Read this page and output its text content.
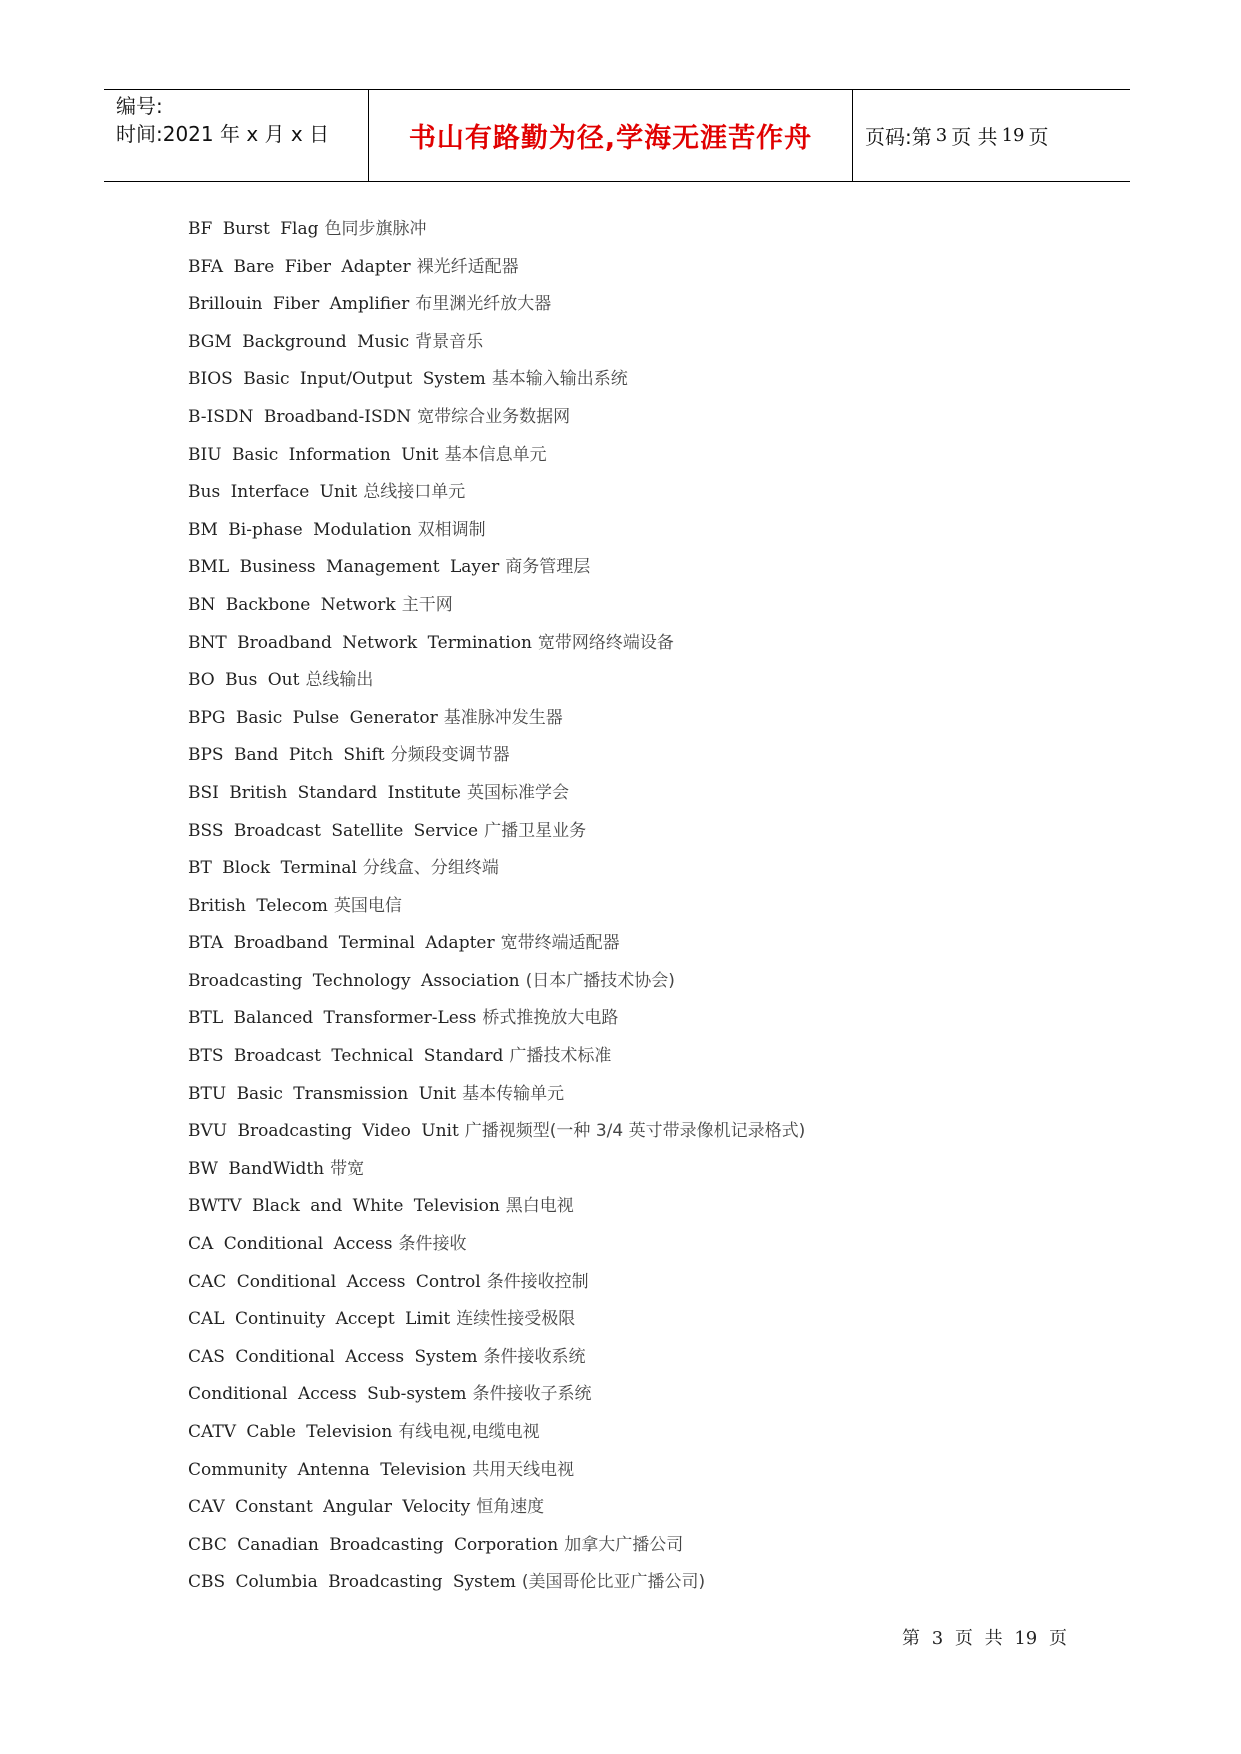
编号:
时间:2021 年 x 月 x 日	书山有路勤为径,学海无涯苦作舟	页码:第 3 页 共 19 页
BF Burst Flag 色同步旗脉冲
BFA Bare Fiber Adapter 裸光纤适配器
Brillouin Fiber Amplifier 布里渊光纤放大器
BGM Background Music 背景音乐
BIOS Basic Input/Output System 基本输入输出系统
B-ISDN Broadband-ISDN 宽带综合业务数据网
BIU Basic Information Unit 基本信息单元
Bus Interface Unit 总线接口单元
BM Bi-phase Modulation 双相调制
BML Business Management Layer 商务管理层
BN Backbone Network 主干网
BNT Broadband Network Termination 宽带网络终端设备
BO Bus Out 总线输出
BPG Basic Pulse Generator 基准脉冲发生器
BPS Band Pitch Shift 分频段变调节器
BSI British Standard Institute 英国标准学会
BSS Broadcast Satellite Service 广播卫星业务
BT Block Terminal 分线盒、分组终端
British Telecom 英国电信
BTA Broadband Terminal Adapter 宽带终端适配器
Broadcasting Technology Association (日本广播技术协会)
BTL Balanced Transformer-Less 桥式推挽放大电路
BTS Broadcast Technical Standard 广播技术标准
BTU Basic Transmission Unit 基本传输单元
BVU Broadcasting Video Unit 广播视频型(一种 3/4 英寸带录像机记录格式)
BW BandWidth 带宽
BWTV Black and White Television 黑白电视
CA Conditional Access 条件接收
CAC Conditional Access Control 条件接收控制
CAL Continuity Accept Limit 连续性接受极限
CAS Conditional Access System 条件接收系统
Conditional Access Sub-system 条件接收子系统
CATV Cable Television 有线电视,电缆电视
Community Antenna Television 共用天线电视
CAV Constant Angular Velocity 恒角速度
CBC Canadian Broadcasting Corporation 加拿大广播公司
CBS Columbia Broadcasting System (美国哥伦比亚广播公司)
第 3 页 共 19 页
